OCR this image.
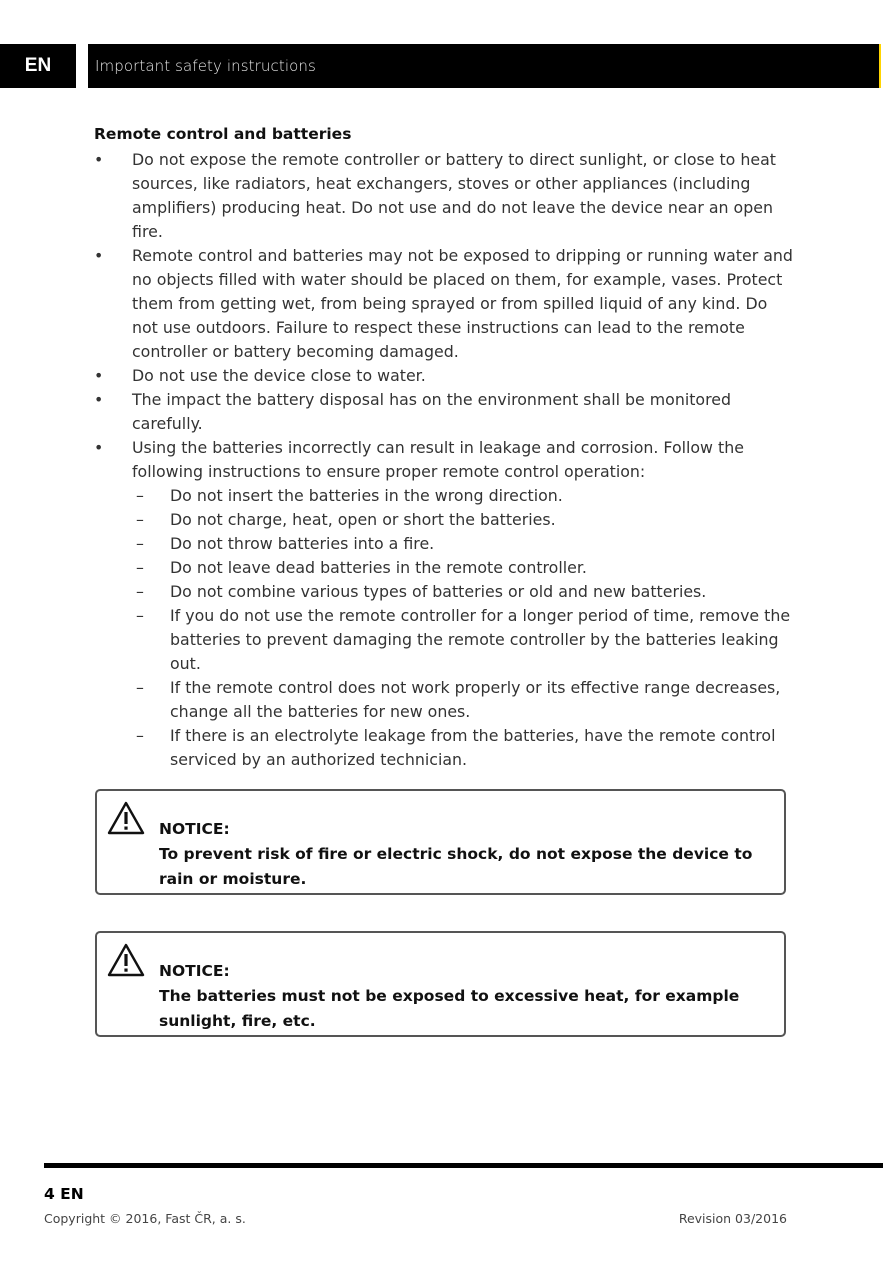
EN	Important safety instructions
Remote control and batteries
• Do not expose the remote controller or battery to direct sunlight, or close to heat sources, like radiators, heat exchangers, stoves or other appliances (including amplifiers) producing heat. Do not use and do not leave the device near an open fire.
• Remote control and batteries may not be exposed to dripping or running water and no objects filled with water should be placed on them, for example, vases. Protect them from getting wet, from being sprayed or from spilled liquid of any kind. Do not use outdoors. Failure to respect these instructions can lead to the remote controller or battery becoming damaged.
• Do not use the device close to water.
• The impact the battery disposal has on the environment shall be monitored carefully.
• Using the batteries incorrectly can result in leakage and corrosion. Follow the following instructions to ensure proper remote control operation:
– Do not insert the batteries in the wrong direction.
– Do not charge, heat, open or short the batteries.
– Do not throw batteries into a fire.
– Do not leave dead batteries in the remote controller.
– Do not combine various types of batteries or old and new batteries.
– If you do not use the remote controller for a longer period of time, remove the batteries to prevent damaging the remote controller by the batteries leaking out.
– If the remote control does not work properly or its effective range decreases, change all the batteries for new ones.
– If there is an electrolyte leakage from the batteries, have the remote control serviced by an authorized technician.
NOTICE:
To prevent risk of fire or electric shock, do not expose the device to rain or moisture.
NOTICE:
The batteries must not be exposed to excessive heat, for example sunlight, fire, etc.
4 EN
Copyright © 2016, Fast ČR, a. s.	Revision 03/2016
